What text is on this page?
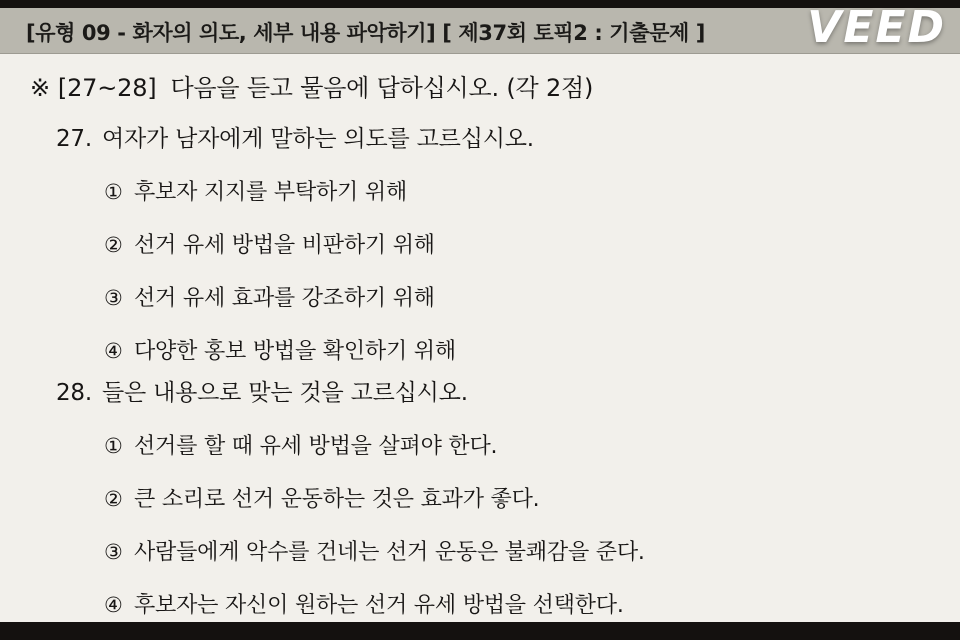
[유형 09 - 화자의 의도, 세부 내용 파악하기] [ 제37회 토픽2 : 기출문제 ] VEED
※ [27~28] 다음을 듣고 물음에 답하십시오. (각 2점)
27. 여자가 남자에게 말하는 의도를 고르십시오.
① 후보자 지지를 부탁하기 위해
② 선거 유세 방법을 비판하기 위해
③ 선거 유세 효과를 강조하기 위해
④ 다양한 홍보 방법을 확인하기 위해
28. 들은 내용으로 맞는 것을 고르십시오.
① 선거를 할 때 유세 방법을 살펴야 한다.
② 큰 소리로 선거 운동하는 것은 효과가 좋다.
③ 사람들에게 악수를 건네는 선거 운동은 불쾌감을 준다.
④ 후보자는 자신이 원하는 선거 유세 방법을 선택한다.
